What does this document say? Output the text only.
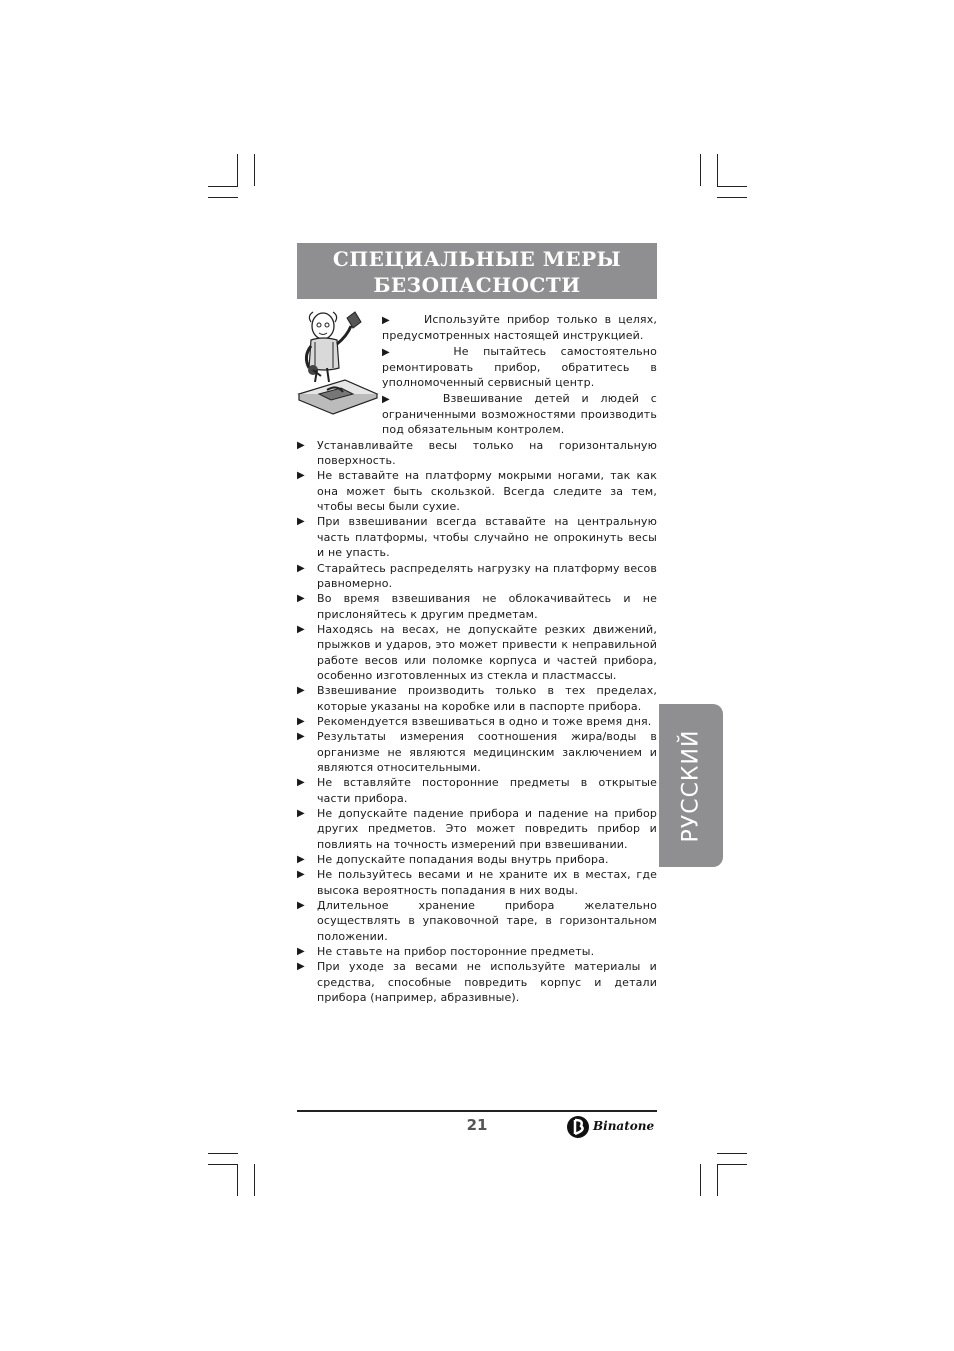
СПЕЦИАЛЬНЫЕ МЕРЫ
БЕЗОПАСНОСТИ

▶	Используйте прибор только в целях, предусмотренных настоящей инструкцией.

▶	Не пытайтесь самостоятельно ремонтировать прибор, обратитесь в уполномоченный сервисный центр.

▶	Взвешивание детей и людей с ограниченными возможностями производить под обязательным контролем.

▶ Устанавливайте весы только на горизонтальную поверхность.
▶ Не вставайте на платформу мокрыми ногами, так как она может быть скользкой. Всегда следите за тем, чтобы весы были сухие.
▶ При взвешивании всегда вставайте на центральную часть платформы, чтобы случайно не опрокинуть весы и не упасть.
▶ Старайтесь распределять нагрузку на платформу весов равномерно.
▶ Во время взвешивания не облокачивайтесь и не прислоняйтесь к другим предметам.
▶ Находясь на весах, не допускайте резких движений, прыжков и ударов, это может привести к неправильной работе весов или поломке корпуса и частей прибора, особенно изготовленных из стекла и пластмассы.
▶ Взвешивание производить только в тех пределах, которые указаны на коробке или в паспорте прибора.
▶ Рекомендуется взвешиваться в одно и тоже время дня.
▶ Результаты измерения соотношения жира/воды в организме не являются медицинским заключением и являются относительными.
▶ Не вставляйте посторонние предметы в открытые части прибора.
▶ Не допускайте падение прибора и падение на прибор других предметов. Это может повредить прибор и повлиять на точность измерений при взвешивании.
▶ Не допускайте попадания воды внутрь прибора.
▶ Не пользуйтесь весами и не храните их в местах, где высока вероятность попадания в них воды.
▶ Длительное хранение прибора желательно осуществлять в упаковочной таре, в горизонтальном положении.
▶ Не ставьте на прибор посторонние предметы.
▶ При уходе за весами не используйте материалы и средства, способные повредить корпус и детали прибора (например, абразивные).
РУССКИЙ
21	Binatone
